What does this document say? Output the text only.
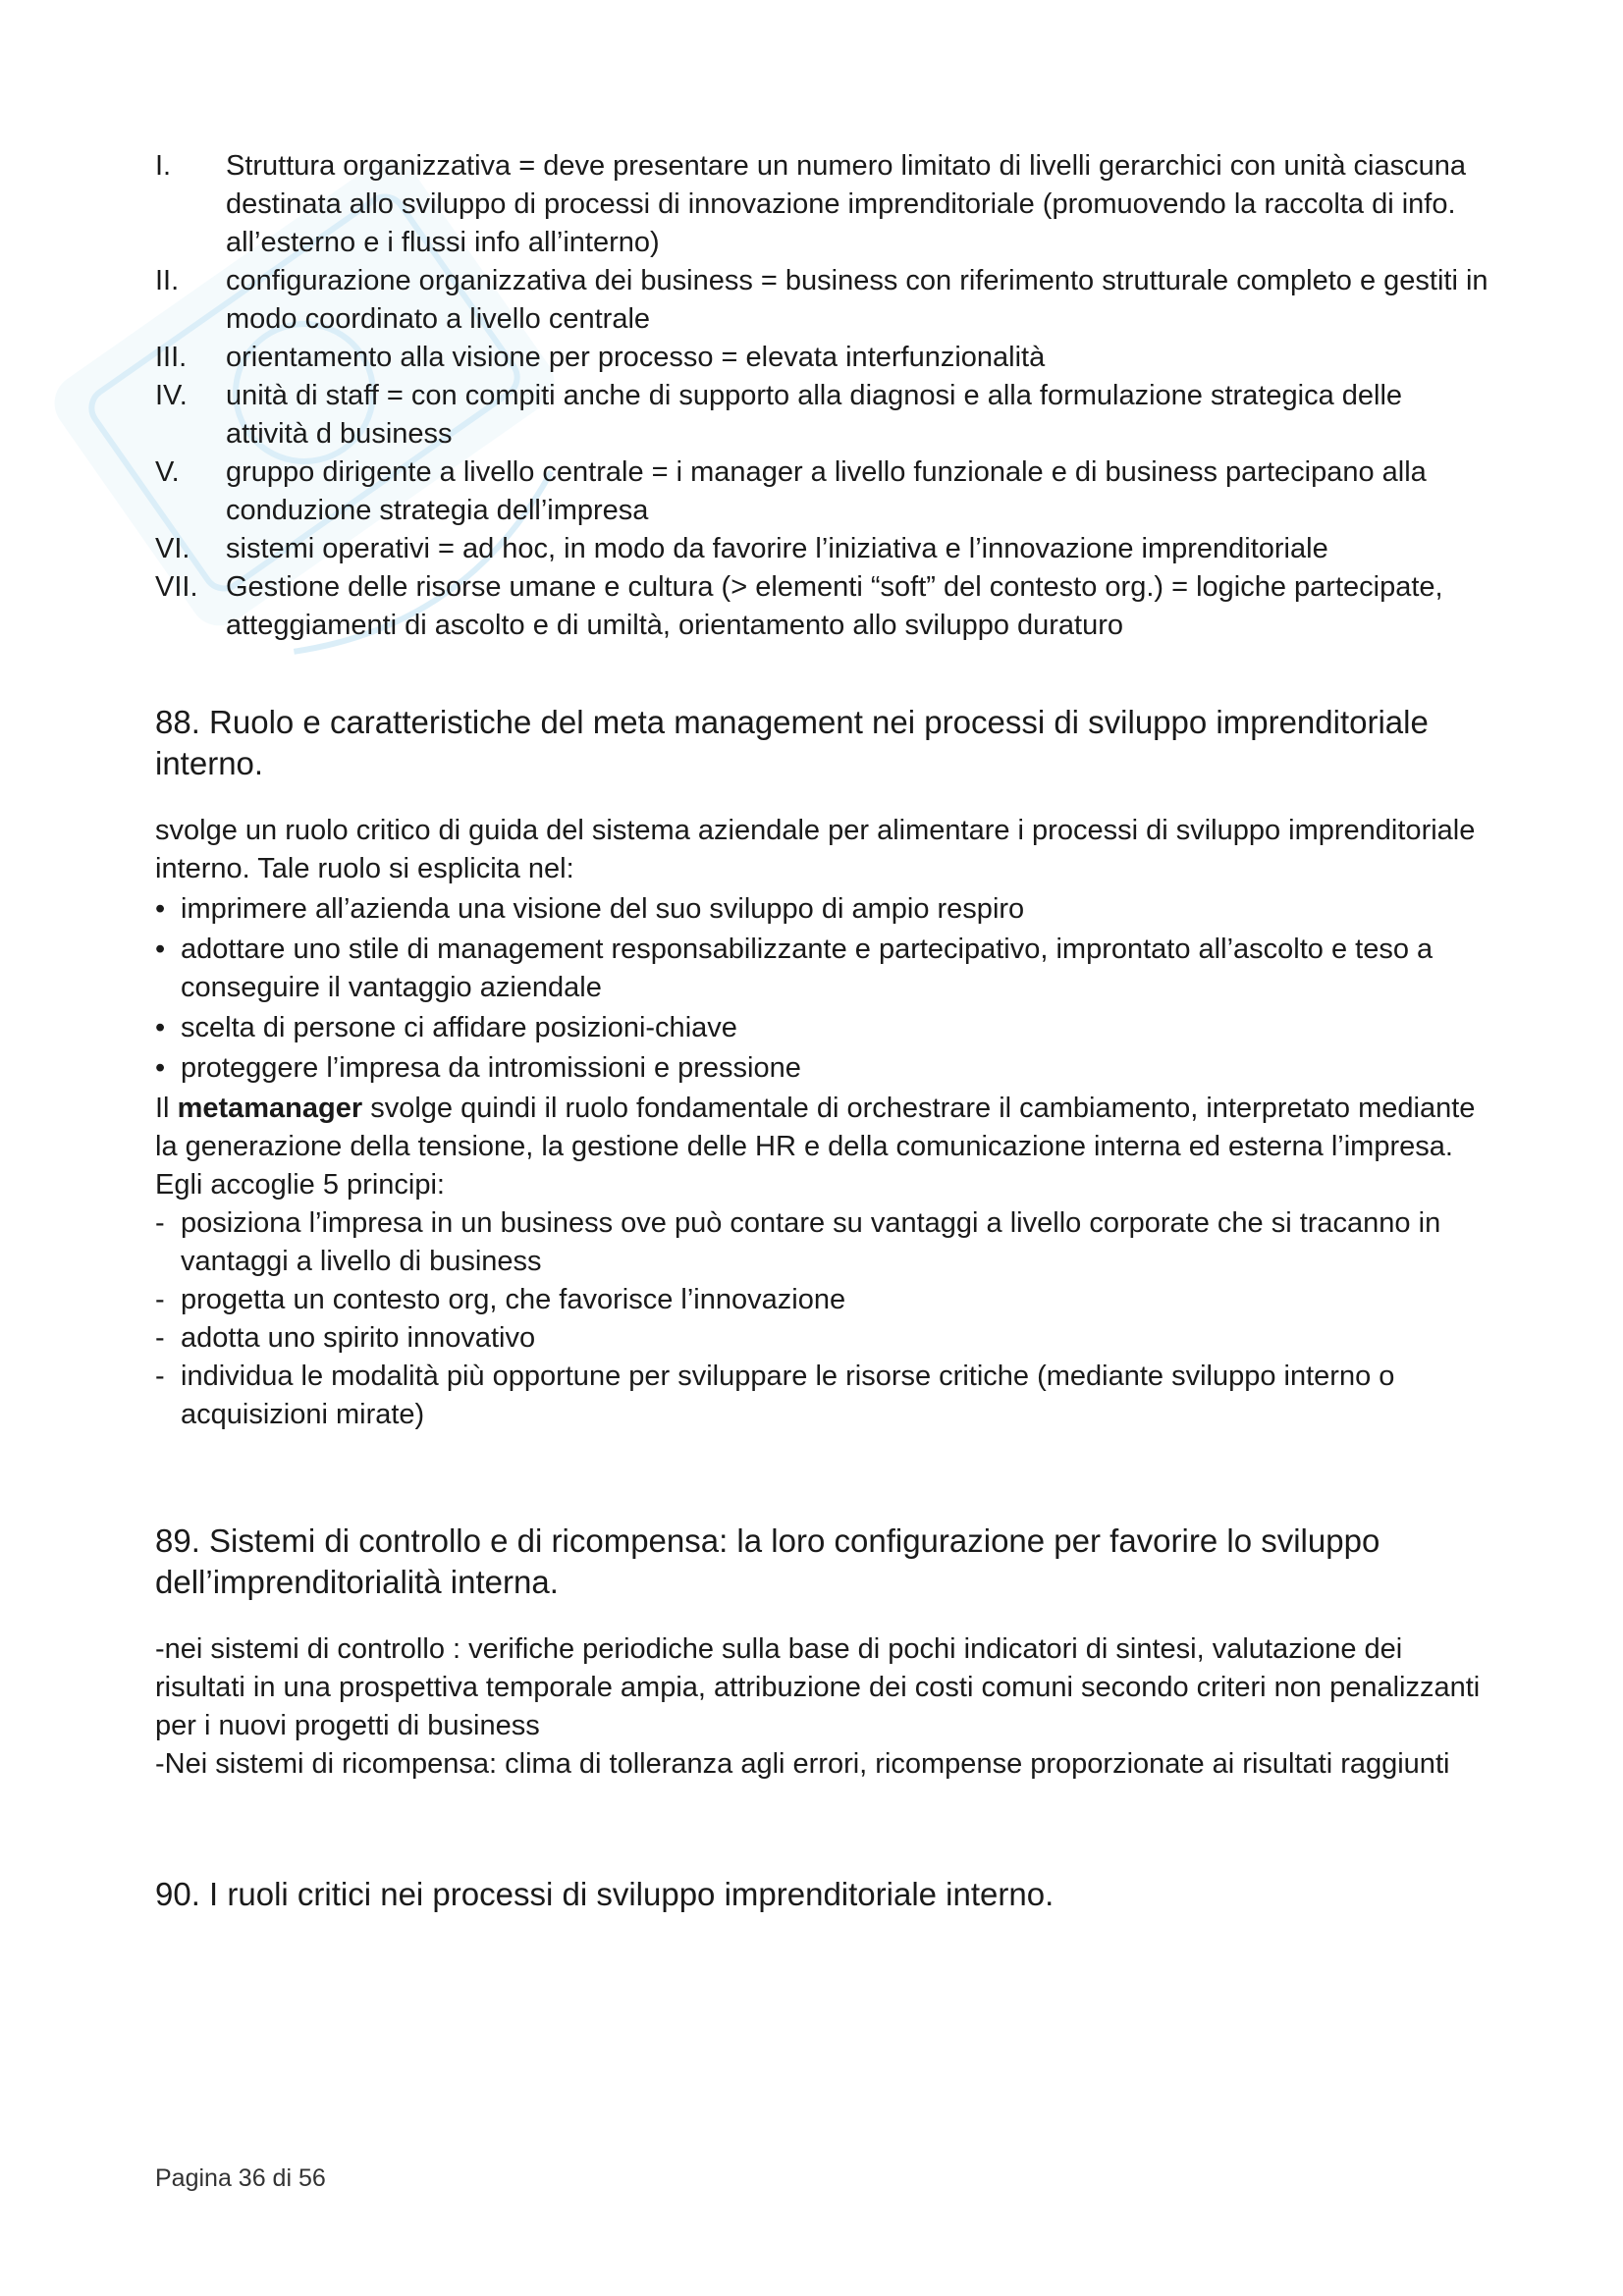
I. Struttura organizzativa = deve presentare un numero limitato di livelli gerarchici con unità ciascuna destinata allo sviluppo di processi di innovazione imprenditoriale (promuovendo la raccolta di info. all’esterno e i flussi info all’interno)
II. configurazione organizzativa dei business = business con riferimento strutturale completo e gestiti in modo coordinato a livello centrale
III. orientamento alla visione per processo = elevata interfunzionalità
IV. unità di staff = con compiti anche di supporto alla diagnosi e alla formulazione strategica delle attività d business
V. gruppo dirigente a livello centrale = i manager a livello funzionale e di business partecipano alla conduzione strategia dell’impresa
VI. sistemi operativi = ad hoc, in modo da favorire l’iniziativa e l’innovazione imprenditoriale
VII. Gestione delle risorse umane e cultura (> elementi “soft” del contesto org.) = logiche partecipate, atteggiamenti di ascolto e di umiltà, orientamento allo sviluppo duraturo
88. Ruolo e caratteristiche del meta management nei processi di sviluppo imprenditoriale interno.

svolge un ruolo critico di guida del sistema aziendale per alimentare i processi di sviluppo imprenditoriale interno. Tale ruolo si esplicita nel:

• imprimere all’azienda una visione del suo sviluppo di ampio respiro
• adottare uno stile di management responsabilizzante e partecipativo, improntato all’ascolto e teso a conseguire il vantaggio aziendale
• scelta di persone ci affidare posizioni-chiave
• proteggere l’impresa da intromissioni e pressione

Il metamanager svolge quindi il ruolo fondamentale di orchestrare il cambiamento, interpretato mediante la generazione della tensione, la gestione delle HR e della comunicazione interna ed esterna l’impresa. Egli accoglie 5 principi:

- posiziona l’impresa in un business ove può contare su vantaggi a livello corporate che si tracanno in vantaggi a livello di business
- progetta un contesto org, che favorisce l’innovazione
- adotta uno spirito innovativo
- individua le modalità più opportune per sviluppare le risorse critiche (mediante sviluppo interno o acquisizioni mirate)
89. Sistemi di controllo e di ricompensa: la loro configurazione per favorire lo sviluppo dell’imprenditorialità interna.

-nei sistemi di controllo : verifiche periodiche sulla base di pochi indicatori di sintesi, valutazione dei risultati in una prospettiva temporale ampia, attribuzione dei costi comuni secondo criteri non penalizzanti per i nuovi progetti di business

-Nei sistemi di ricompensa: clima di tolleranza agli errori, ricompense proporzionate ai risultati raggiunti

90. I ruoli critici nei processi di sviluppo imprenditoriale interno.
Pagina 36 di 56
